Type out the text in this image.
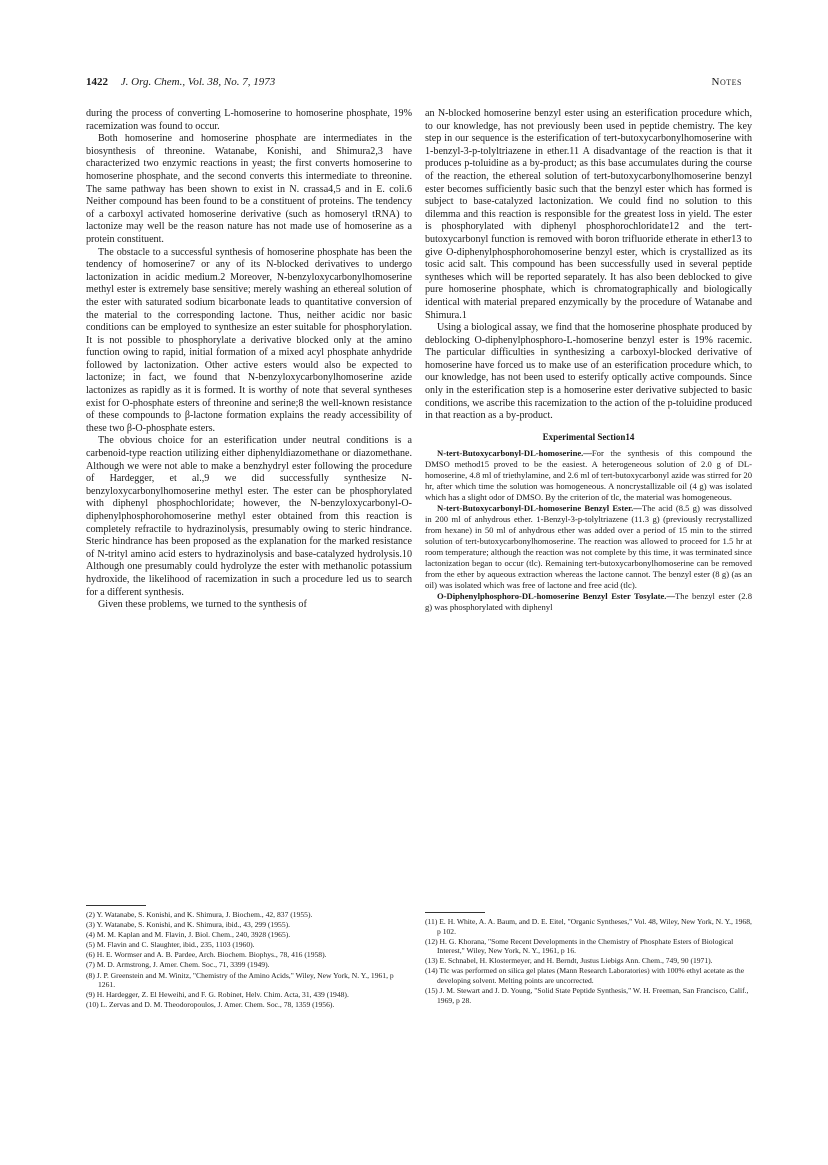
1422 J. Org. Chem., Vol. 38, No. 7, 1973	Notes

during the process of converting L-homoserine to homoserine phosphate, 19% racemization was found to occur.

Both homoserine and homoserine phosphate are intermediates in the biosynthesis of threonine. Watanabe, Konishi, and Shimura2,3 have characterized two enzymic reactions in yeast; the first converts homoserine to homoserine phosphate, and the second converts this intermediate to threonine. The same pathway has been shown to exist in N. crassa4,5 and in E. coli.6 Neither compound has been found to be a constituent of proteins. The tendency of a carboxyl activated homoserine derivative (such as homoseryl tRNA) to lactonize may well be the reason nature has not made use of homoserine as a protein constituent.

The obstacle to a successful synthesis of homoserine phosphate has been the tendency of homoserine7 or any of its N-blocked derivatives to undergo lactonization in acidic medium.2 Moreover, N-benzyloxycarbonylhomoserine methyl ester is extremely base sensitive; merely washing an ethereal solution of the ester with saturated sodium bicarbonate leads to quantitative conversion of the material to the corresponding lactone. Thus, neither acidic nor basic conditions can be employed to synthesize an ester suitable for phosphorylation. It is not possible to phosphorylate a derivative blocked only at the amino function owing to rapid, initial formation of a mixed acyl phosphate anhydride followed by lactonization. Other active esters would also be expected to lactonize; in fact, we found that N-benzyloxycarbonylhomoserine azide lactonizes as rapidly as it is formed. It is worthy of note that several syntheses exist for O-phosphate esters of threonine and serine;8 the well-known resistance of these compounds to β-lactone formation explains the ready accessibility of these two β-O-phosphate esters.

The obvious choice for an esterification under neutral conditions is a carbenoid-type reaction utilizing either diphenyldiazomethane or diazomethane. Although we were not able to make a benzhydryl ester following the procedure of Hardegger, et al.,9 we did successfully synthesize N-benzyloxycarbonylhomoserine methyl ester. The ester can be phosphorylated with diphenyl phosphochloridate; however, the N-benzyloxycarbonyl-O-diphenylphosphorohomoserine methyl ester obtained from this reaction is completely refractile to hydrazinolysis, presumably owing to steric hindrance. Steric hindrance has been proposed as the explanation for the marked resistance of N-trityl amino acid esters to hydrazinolysis and base-catalyzed hydrolysis.10 Although one presumably could hydrolyze the ester with methanolic potassium hydroxide, the likelihood of racemization in such a procedure led us to search for a different synthesis.

Given these problems, we turned to the synthesis of

an N-blocked homoserine benzyl ester using an esterification procedure which, to our knowledge, has not previously been used in peptide chemistry. The key step in our sequence is the esterification of tert-butoxycarbonylhomoserine with 1-benzyl-3-p-tolyltriazene in ether.11 A disadvantage of the reaction is that it produces p-toluidine as a by-product; as this base accumulates during the course of the reaction, the ethereal solution of tert-butoxycarbonylhomoserine benzyl ester becomes sufficiently basic such that the benzyl ester which has formed is subject to base-catalyzed lactonization. We could find no solution to this dilemma and this reaction is responsible for the greatest loss in yield. The ester is phosphorylated with diphenyl phosphorochloridate12 and the tert-butoxycarbonyl function is removed with boron trifluoride etherate in ether13 to give O-diphenylphosphorohomoserine benzyl ester, which is crystallized as its tosic acid salt. This compound has been successfully used in several peptide syntheses which will be reported separately. It has also been deblocked to give pure homoserine phosphate, which is chromatographically and biologically identical with material prepared enzymically by the procedure of Watanabe and Shimura.1

Using a biological assay, we find that the homoserine phosphate produced by deblocking O-diphenylphosphoro-L-homoserine benzyl ester is 19% racemic. The particular difficulties in synthesizing a carboxyl-blocked derivative of homoserine have forced us to make use of an esterification procedure which, to our knowledge, has not been used to esterify optically active compounds. Since only in the esterification step is a homoserine ester derivative subjected to basic conditions, we ascribe this racemization to the action of the p-toluidine produced in that reaction as a by-product.

Experimental Section14

N-tert-Butoxycarbonyl-DL-homoserine.—For the synthesis of this compound the DMSO method15 proved to be the easiest. A heterogeneous solution of 2.0 g of DL-homoserine, 4.8 ml of triethylamine, and 2.6 ml of tert-butoxycarbonyl azide was stirred for 20 hr, after which time the solution was homogeneous. A noncrystallizable oil (4 g) was isolated which has a slight odor of DMSO. By the criterion of tlc, the material was homogeneous.

N-tert-Butoxycarbonyl-DL-homoserine Benzyl Ester.—The acid (8.5 g) was dissolved in 200 ml of anhydrous ether. 1-Benzyl-3-p-tolyltriazene (11.3 g) (previously recrystallized from hexane) in 50 ml of anhydrous ether was added over a period of 15 min to the stirred solution of tert-butoxycarbonylhomoserine. The reaction was allowed to proceed for 1.5 hr at room temperature; although the reaction was not complete by this time, it was terminated since lactonization began to occur (tlc). Remaining tert-butoxycarbonylhomoserine can be removed from the ether by aqueous extraction whereas the lactone cannot. The benzyl ester (8 g) (as an oil) was isolated which was free of lactone and free acid (tlc).

O-Diphenylphosphoro-DL-homoserine Benzyl Ester Tosylate.—The benzyl ester (2.8 g) was phosphorylated with diphenyl

(2) Y. Watanabe, S. Konishi, and K. Shimura, J. Biochem., 42, 837 (1955).
(3) Y. Watanabe, S. Konishi, and K. Shimura, ibid., 43, 299 (1955).
(4) M. M. Kaplan and M. Flavin, J. Biol. Chem., 240, 3928 (1965).
(5) M. Flavin and C. Slaughter, ibid., 235, 1103 (1960).
(6) H. E. Wormser and A. B. Pardee, Arch. Biochem. Biophys., 78, 416 (1958).
(7) M. D. Armstrong, J. Amer. Chem. Soc., 71, 3399 (1949).
(8) J. P. Greenstein and M. Winitz, "Chemistry of the Amino Acids," Wiley, New York, N. Y., 1961, p 1261.
(9) H. Hardegger, Z. El Heweihi, and F. G. Robinet, Helv. Chim. Acta, 31, 439 (1948).
(10) L. Zervas and D. M. Theodoropoulos, J. Amer. Chem. Soc., 78, 1359 (1956).
(11) E. H. White, A. A. Baum, and D. E. Eitel, "Organic Syntheses," Vol. 48, Wiley, New York, N. Y., 1968, p 102.
(12) H. G. Khorana, "Some Recent Developments in the Chemistry of Phosphate Esters of Biological Interest," Wiley, New York, N. Y., 1961, p 16.
(13) E. Schnabel, H. Klostermeyer, and H. Berndt, Justus Liebigs Ann. Chem., 749, 90 (1971).
(14) Tlc was performed on silica gel plates (Mann Research Laboratories) with 100% ethyl acetate as the developing solvent. Melting points are uncorrected.
(15) J. M. Stewart and J. D. Young, "Solid State Peptide Synthesis," W. H. Freeman, San Francisco, Calif., 1969, p 28.
